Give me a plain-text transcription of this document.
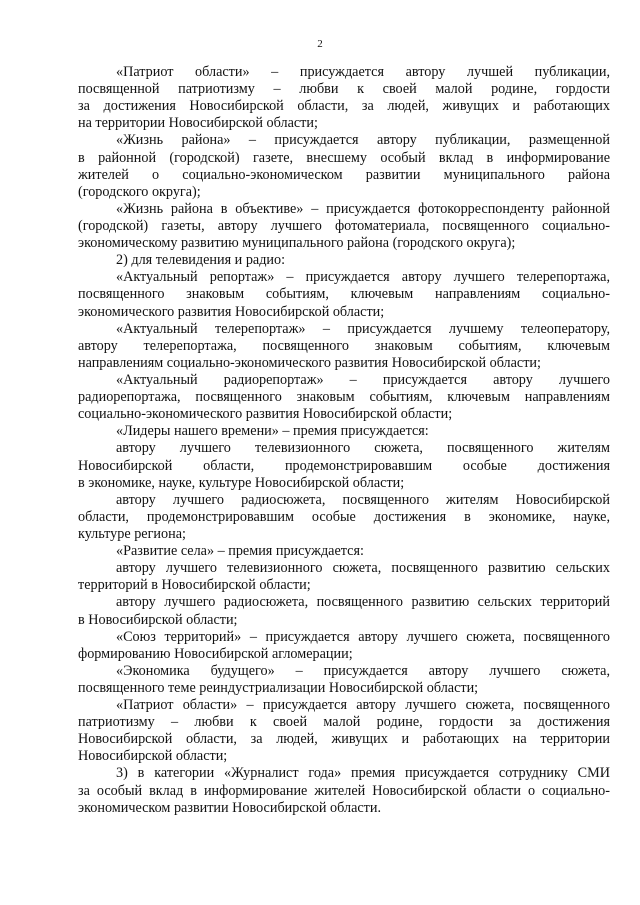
2
«Патриот области» – присуждается автору лучшей публикации,
посвященной патриотизму – любви к своей малой родине, гордости
за достижения Новосибирской области, за людей, живущих и работающих
на территории Новосибирской области;
«Жизнь района» – присуждается автору публикации, размещенной
в районной (городской) газете, внесшему особый вклад в информирование
жителей о социально-экономическом развитии муниципального района
(городского округа);
«Жизнь района в объективе» – присуждается фотокорреспонденту районной
(городской) газеты, автору лучшего фотоматериала, посвященного социально-
экономическому развитию муниципального района (городского округа);
2) для телевидения и радио:
«Актуальный репортаж» – присуждается автору лучшего телерепортажа,
посвященного знаковым событиям, ключевым направлениям социально-
экономического развития Новосибирской области;
«Актуальный телерепортаж» – присуждается лучшему телеоператору,
автору телерепортажа, посвященного знаковым событиям, ключевым
направлениям социально-экономического развития Новосибирской области;
«Актуальный радиорепортаж» – присуждается автору лучшего
радиорепортажа, посвященного знаковым событиям, ключевым направлениям
социально-экономического развития Новосибирской области;
«Лидеры нашего времени» – премия присуждается:
автору лучшего телевизионного сюжета, посвященного жителям
Новосибирской области, продемонстрировавшим особые достижения
в экономике, науке, культуре Новосибирской области;
автору лучшего радиосюжета, посвященного жителям Новосибирской
области, продемонстрировавшим особые достижения в экономике, науке,
культуре региона;
«Развитие села» – премия присуждается:
автору лучшего телевизионного сюжета, посвященного развитию сельских
территорий в Новосибирской области;
автору лучшего радиосюжета, посвященного развитию сельских территорий
в Новосибирской области;
«Союз территорий» – присуждается автору лучшего сюжета, посвященного
формированию Новосибирской агломерации;
«Экономика будущего» – присуждается автору лучшего сюжета,
посвященного теме реиндустриализации Новосибирской области;
«Патриот области» – присуждается автору лучшего сюжета, посвященного
патриотизму – любви к своей малой родине, гордости за достижения
Новосибирской области, за людей, живущих и работающих на территории
Новосибирской области;
3) в категории «Журналист года» премия присуждается сотруднику СМИ
за особый вклад в информирование жителей Новосибирской области о социально-
экономическом развитии Новосибирской области.
